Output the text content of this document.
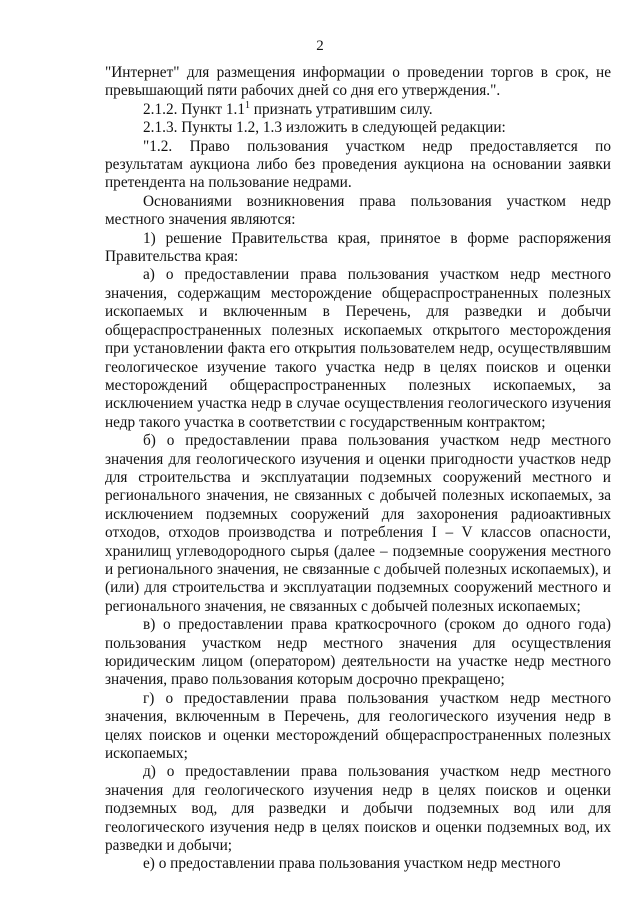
2

"Интернет" для размещения информации о проведении торгов в срок, не превышающий пяти рабочих дней со дня его утверждения.".

2.1.2. Пункт $1.1^1$ признать утратившим силу.

2.1.3. Пункты 1.2, 1.3 изложить в следующей редакции:

"1.2. Право пользования участком недр предоставляется по результатам аукциона либо без проведения аукциона на основании заявки претендента на пользование недрами.

Основаниями возникновения права пользования участком недр местного значения являются:

1) решение Правительства края, принятое в форме распоряжения Правительства края:

а) о предоставлении права пользования участком недр местного значения, содержащим месторождение общераспространенных полезных ископаемых и включенным в Перечень, для разведки и добычи общераспространенных полезных ископаемых открытого месторождения при установлении факта его открытия пользователем недр, осуществлявшим геологическое изучение такого участка недр в целях поисков и оценки месторождений общераспространенных полезных ископаемых, за исключением участка недр в случае осуществления геологического изучения недр такого участка в соответствии с государственным контрактом;

б) о предоставлении права пользования участком недр местного значения для геологического изучения и оценки пригодности участков недр для строительства и эксплуатации подземных сооружений местного и регионального значения, не связанных с добычей полезных ископаемых, за исключением подземных сооружений для захоронения радиоактивных отходов, отходов производства и потребления I – V классов опасности, хранилищ углеводородного сырья (далее – подземные сооружения местного и регионального значения, не связанные с добычей полезных ископаемых), и (или) для строительства и эксплуатации подземных сооружений местного и регионального значения, не связанных с добычей полезных ископаемых;

в) о предоставлении права краткосрочного (сроком до одного года) пользования участком недр местного значения для осуществления юридическим лицом (оператором) деятельности на участке недр местного значения, право пользования которым досрочно прекращено;

г) о предоставлении права пользования участком недр местного значения, включенным в Перечень, для геологического изучения недр в целях поисков и оценки месторождений общераспространенных полезных ископаемых;

д) о предоставлении права пользования участком недр местного значения для геологического изучения недр в целях поисков и оценки подземных вод, для разведки и добычи подземных вод или для геологического изучения недр в целях поисков и оценки подземных вод, их разведки и добычи;

е) о предоставлении права пользования участком недр местного
